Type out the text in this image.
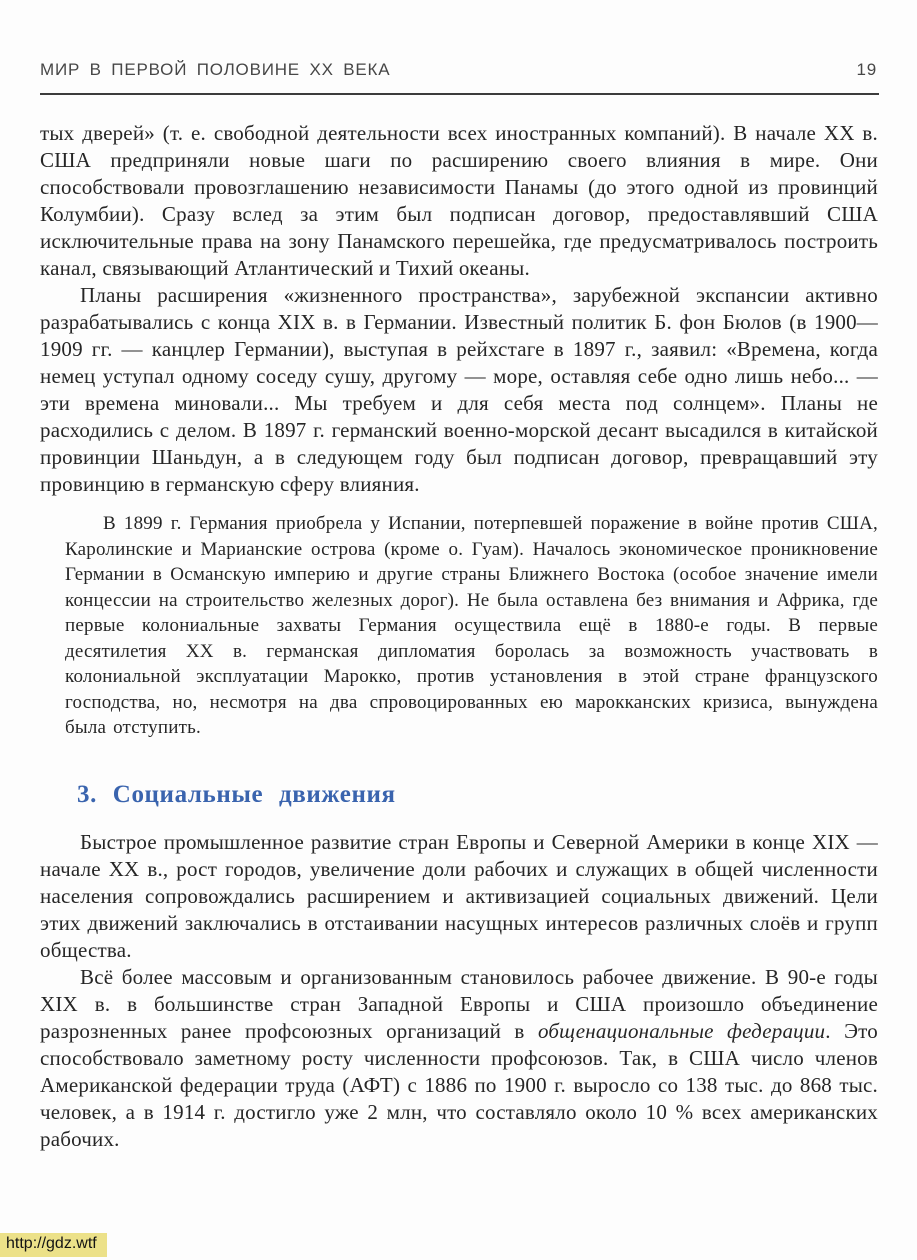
МИР В ПЕРВОЙ ПОЛОВИНЕ XX ВЕКА	19

тых дверей» (т. е. свободной деятельности всех иностранных компаний). В начале XX в. США предприняли новые шаги по расширению своего влияния в мире. Они способствовали провозглашению независимости Панамы (до этого одной из провинций Колумбии). Сразу вслед за этим был подписан договор, предоставлявший США исключительные права на зону Панамского перешейка, где предусматривалось построить канал, связывающий Атлантический и Тихий океаны.

Планы расширения «жизненного пространства», зарубежной экспансии активно разрабатывались с конца XIX в. в Германии. Известный политик Б. фон Бюлов (в 1900—1909 гг. — канцлер Германии), выступая в рейхстаге в 1897 г., заявил: «Времена, когда немец уступал одному соседу сушу, другому — море, оставляя себе одно лишь небо... — эти времена миновали... Мы требуем и для себя места под солнцем». Планы не расходились с делом. В 1897 г. германский военно-морской десант высадился в китайской провинции Шаньдун, а в следующем году был подписан договор, превращавший эту провинцию в германскую сферу влияния.

В 1899 г. Германия приобрела у Испании, потерпевшей поражение в войне против США, Каролинские и Марианские острова (кроме о. Гуам). Началось экономическое проникновение Германии в Османскую империю и другие страны Ближнего Востока (особое значение имели концессии на строительство железных дорог). Не была оставлена без внимания и Африка, где первые колониальные захваты Германия осуществила ещё в 1880-е годы. В первые десятилетия XX в. германская дипломатия боролась за возможность участвовать в колониальной эксплуатации Марокко, против установления в этой стране французского господства, но, несмотря на два спровоцированных ею марокканских кризиса, вынуждена была отступить.

3. Социальные движения

Быстрое промышленное развитие стран Европы и Северной Америки в конце XIX — начале XX в., рост городов, увеличение доли рабочих и служащих в общей численности населения сопровождались расширением и активизацией социальных движений. Цели этих движений заключались в отстаивании насущных интересов различных слоёв и групп общества.

Всё более массовым и организованным становилось рабочее движение. В 90-е годы XIX в. в большинстве стран Западной Европы и США произошло объединение разрозненных ранее профсоюзных организаций в общенациональные федерации. Это способствовало заметному росту численности профсоюзов. Так, в США число членов Американской федерации труда (АФТ) с 1886 по 1900 г. выросло со 138 тыс. до 868 тыс. человек, а в 1914 г. достигло уже 2 млн, что составляло около 10 % всех американских рабочих.

http://gdz.wtf
